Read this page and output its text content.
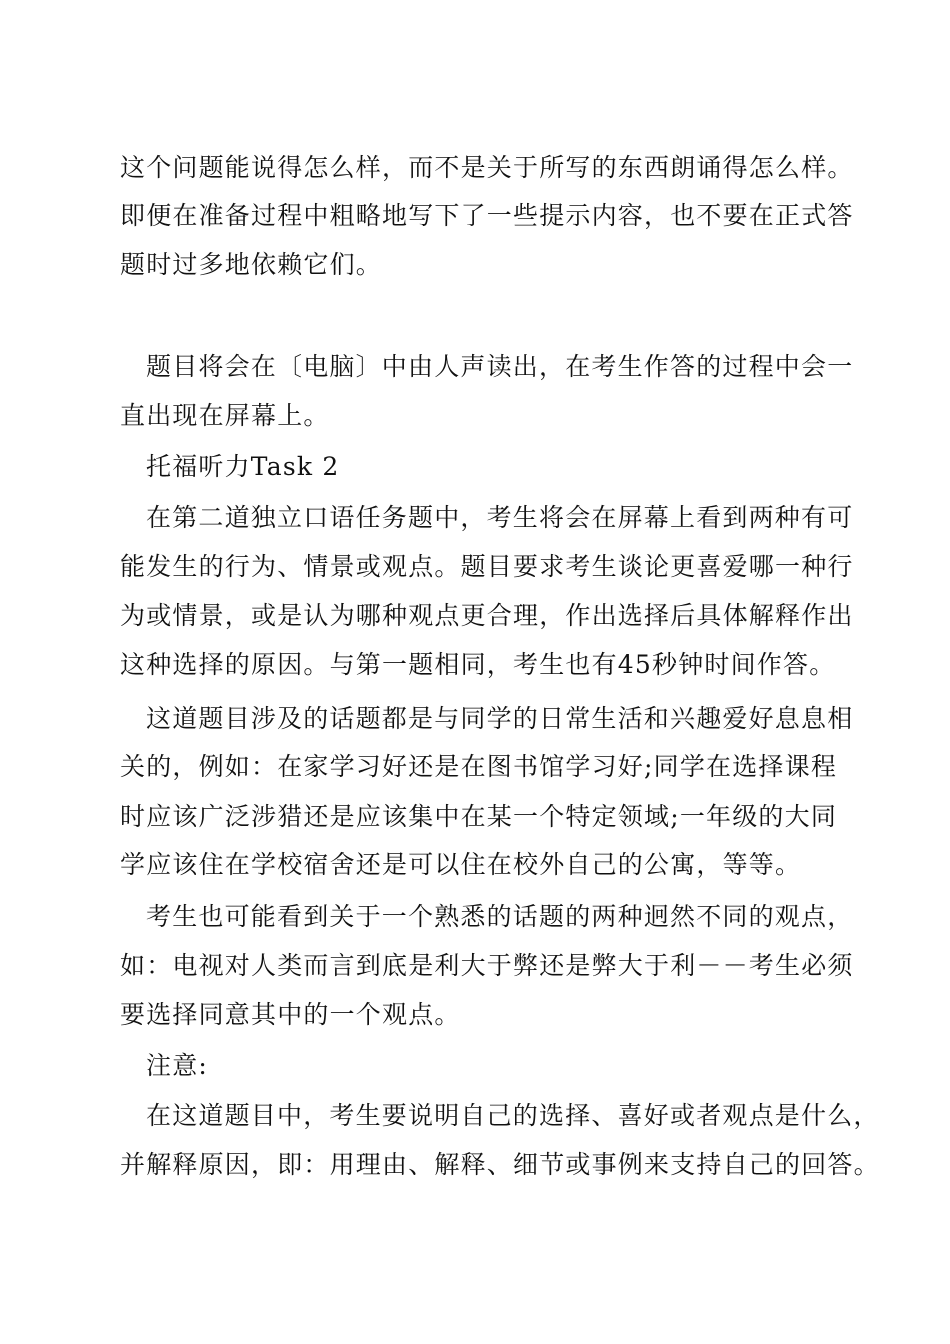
这个问题能说得怎么样，而不是关于所写的东西朗诵得怎么样。
即便在准备过程中粗略地写下了一些提示内容，也不要在正式答
题时过多地依赖它们。
题目将会在〔电脑〕中由人声读出，在考生作答的过程中会一
直出现在屏幕上。
托福听力Task 2
在第二道独立口语任务题中，考生将会在屏幕上看到两种有可
能发生的行为、情景或观点。题目要求考生谈论更喜爱哪一种行
为或情景，或是认为哪种观点更合理，作出选择后具体解释作出
这种选择的原因。与第一题相同，考生也有45秒钟时间作答。
这道题目涉及的话题都是与同学的日常生活和兴趣爱好息息相
关的，例如：在家学习好还是在图书馆学习好;同学在选择课程
时应该广泛涉猎还是应该集中在某一个特定领域;一年级的大同
学应该住在学校宿舍还是可以住在校外自己的公寓，等等。
考生也可能看到关于一个熟悉的话题的两种迥然不同的观点，
如：电视对人类而言到底是利大于弊还是弊大于利－－考生必须
要选择同意其中的一个观点。
注意:
在这道题目中，考生要说明自己的选择、喜好或者观点是什么，
并解释原因，即：用理由、解释、细节或事例来支持自己的回答。
